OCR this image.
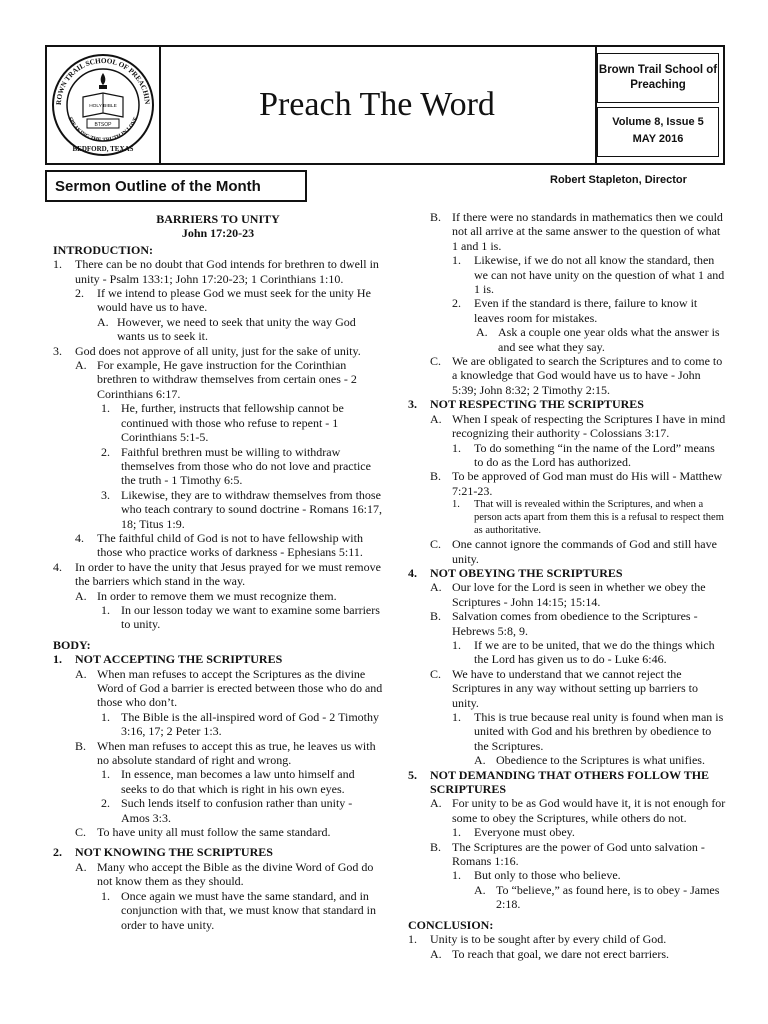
ROWN TRAIL SCHOOL OF PREACHIN
SPEAKING THE TRUTH IN LOVE
BEDFORD, TEXAS
HOLY BIBLE
BTSOP
Preach The Word
Brown Trail School of Preaching
Volume 8, Issue 5
MAY 2016
Sermon Outline of the Month	Robert Stapleton, Director

BARRIERS TO UNITY

John 17:20-23

INTRODUCTION:

1.	There can be no doubt that God intends for brethren to dwell in unity - Psalm 133:1; John 17:20-23; 1 Corinthians 1:10.
2.	If we intend to please God we must seek for the unity He would have us to have.
A. However, we need to seek that unity the way God wants us to seek it.
3.	God does not approve of all unity, just for the sake of unity.
A. For example, He gave instruction for the Corinthian brethren to withdraw themselves from certain ones - 2 Corinthians 6:17.
1. He, further, instructs that fellowship cannot be continued with those who refuse to repent - 1 Corinthians 5:1-5.
2. Faithful brethren must be willing to withdraw themselves from those who do not love and practice the truth - 1 Timothy 6:5.
3. Likewise, they are to withdraw themselves from those who teach contrary to sound doctrine - Romans 16:17, 18; Titus 1:9.
4.	The faithful child of God is not to have fellowship with those who practice works of darkness - Ephesians 5:11.
4.	In order to have the unity that Jesus prayed for we must remove the barriers which stand in the way.
A. In order to remove them we must recognize them.
1. In our lesson today we want to examine some barriers to unity.

BODY:

1.	NOT ACCEPTING THE SCRIPTURES
A. When man refuses to accept the Scriptures as the divine Word of God a barrier is erected between those who do and those who don’t.
1. The Bible is the all-inspired word of God - 2 Timothy 3:16, 17; 2 Peter 1:3.
B. When man refuses to accept this as true, he leaves us with no absolute standard of right and wrong.
1. In essence, man becomes a law unto himself and seeks to do that which is right in his own eyes.
2. Such lends itself to confusion rather than unity - Amos 3:3.
C. To have unity all must follow the same standard.
2.	NOT KNOWING THE SCRIPTURES
A. Many who accept the Bible as the divine Word of God do not know them as they should.
1. Once again we must have the same standard, and in conjunction with that, we must know that standard in order to have unity.
B. If there were no standards in mathematics then we could not all arrive at the same answer to the question of what 1 and 1 is.
1.	Likewise, if we do not all know the standard, then we can not have unity on the question of what 1 and 1 is.
2.	Even if the standard is there, failure to know it leaves room for mistakes.
A. Ask a couple one year olds what the answer is and see what they say.
C. We are obligated to search the Scriptures and to come to a knowledge that God would have us to have - John 5:39; John 8:32; 2 Timothy 2:15.
3.	NOT RESPECTING THE SCRIPTURES
A. When I speak of respecting the Scriptures I have in mind recognizing their authority - Colossians 3:17.
1.	To do something “in the name of the Lord” means to do as the Lord has authorized.
B. To be approved of God man must do His will - Matthew 7:21-23.
1.	That will is revealed within the Scriptures, and when a person acts apart from them this is a refusal to respect them as authoritative.
C. One cannot ignore the commands of God and still have unity.
4.	NOT OBEYING THE SCRIPTURES
A. Our love for the Lord is seen in whether we obey the Scriptures - John 14:15; 15:14.
B. Salvation comes from obedience to the Scriptures - Hebrews 5:8, 9.
1.	If we are to be united, that we do the things which the Lord has given us to do - Luke 6:46.
C. We have to understand that we cannot reject the Scriptures in any way without setting up barriers to unity.
1.	This is true because real unity is found when man is united with God and his brethren by obedience to the Scriptures.
A. Obedience to the Scriptures is what unifies.
5.	NOT DEMANDING THAT OTHERS FOLLOW THE SCRIPTURES
A. For unity to be as God would have it, it is not enough for some to obey the Scriptures, while others do not.
1.	Everyone must obey.
B. The Scriptures are the power of God unto salvation - Romans 1:16.
1.	But only to those who believe.
A. To “believe,” as found here, is to obey - James 2:18.

CONCLUSION:

1.	Unity is to be sought after by every child of God.
A. To reach that goal, we dare not erect barriers.
